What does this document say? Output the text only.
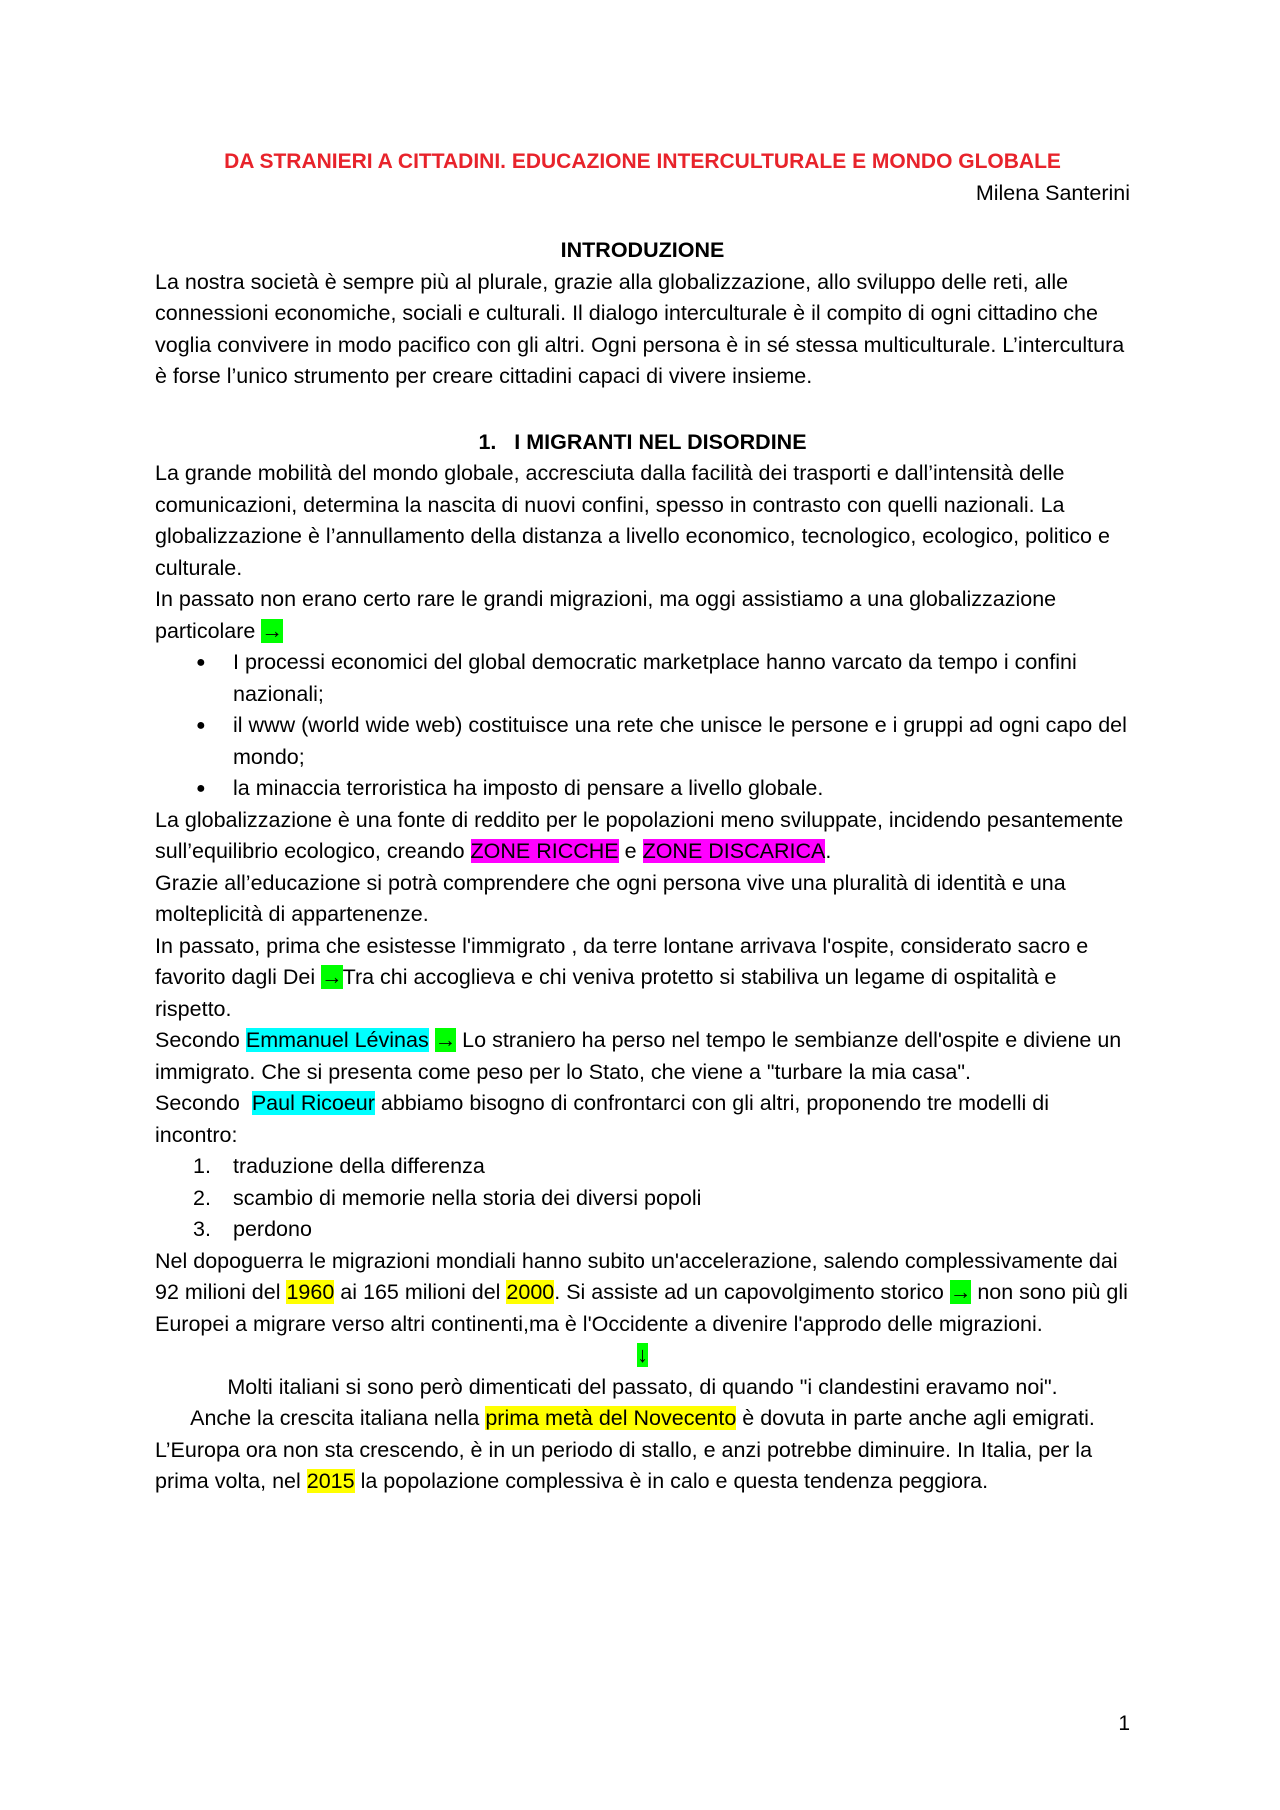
DA STRANIERI A CITTADINI. EDUCAZIONE INTERCULTURALE E MONDO GLOBALE

Milena Santerini

INTRODUZIONE

La nostra società è sempre più al plurale, grazie alla globalizzazione, allo sviluppo delle reti, alle connessioni economiche, sociali e culturali. Il dialogo interculturale è il compito di ogni cittadino che voglia convivere in modo pacifico con gli altri. Ogni persona è in sé stessa multiculturale. L’intercultura è forse l’unico strumento per creare cittadini capaci di vivere insieme.

1.   I MIGRANTI NEL DISORDINE

La grande mobilità del mondo globale, accresciuta dalla facilità dei trasporti e dall’intensità delle comunicazioni, determina la nascita di nuovi confini, spesso in contrasto con quelli nazionali. La globalizzazione è l’annullamento della distanza a livello economico, tecnologico, ecologico, politico e culturale.

In passato non erano certo rare le grandi migrazioni, ma oggi assistiamo a una globalizzazione particolare →

● I processi economici del global democratic marketplace hanno varcato da tempo i confini nazionali;
● il www (world wide web) costituisce una rete che unisce le persone e i gruppi ad ogni capo del mondo;
● la minaccia terroristica ha imposto di pensare a livello globale.

La globalizzazione è una fonte di reddito per le popolazioni meno sviluppate, incidendo pesantemente sull’equilibrio ecologico, creando ZONE RICCHE e ZONE DISCARICA.

Grazie all’educazione si potrà comprendere che ogni persona vive una pluralità di identità e una molteplicità di appartenenze.

In passato, prima che esistesse l'immigrato , da terre lontane arrivava l'ospite, considerato sacro e favorito dagli Dei →Tra chi accoglieva e chi veniva protetto si stabiliva un legame di ospitalità e rispetto.

Secondo Emmanuel Lévinas → Lo straniero ha perso nel tempo le sembianze dell'ospite e diviene un immigrato. Che si presenta come peso per lo Stato, che viene a "turbare la mia casa".

Secondo  Paul Ricoeur abbiamo bisogno di confrontarci con gli altri, proponendo tre modelli di incontro:

1. traduzione della differenza
2. scambio di memorie nella storia dei diversi popoli
3. perdono

Nel dopoguerra le migrazioni mondiali hanno subito un'accelerazione, salendo complessivamente dai 92 milioni del 1960 ai 165 milioni del 2000. Si assiste ad un capovolgimento storico → non sono più gli Europei a migrare verso altri continenti,ma è l'Occidente a divenire l'approdo delle migrazioni.

↓

Molti italiani si sono però dimenticati del passato, di quando "i clandestini eravamo noi".

Anche la crescita italiana nella prima metà del Novecento è dovuta in parte anche agli emigrati.

L’Europa ora non sta crescendo, è in un periodo di stallo, e anzi potrebbe diminuire. In Italia, per la prima volta, nel 2015 la popolazione complessiva è in calo e questa tendenza peggiora.

1
